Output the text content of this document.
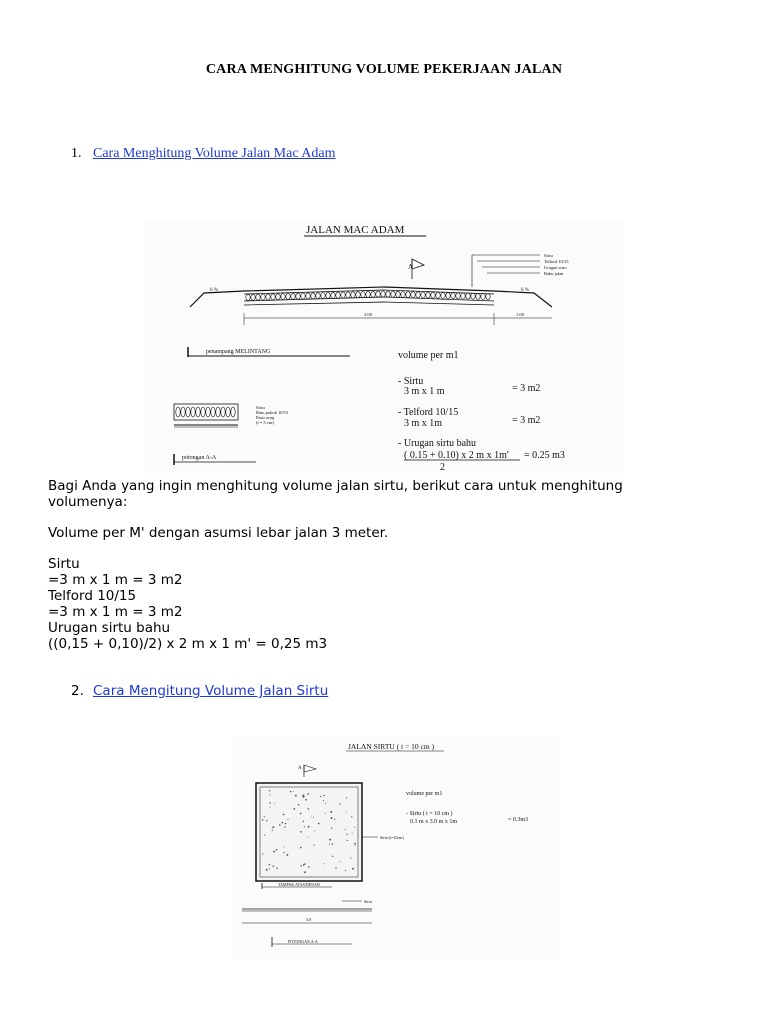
CARA MENGHITUNG VOLUME PEKERJAAN JALAN
1. Cara Menghitung Volume Jalan Mac Adam
JALAN MAC ADAM
A
Sirtu
Telford 10/15
Urugan sirtu
Bahu jalan
6 %	6 %
3.00	1.00
penampang MELINTANG
Sirtu
Batu pokok 10/15
Pasir urug
(t = 5 cm)
potongan A-A
volume per m1
- Sirtu
3 m x 1 m	= 3 m2
- Telford 10/15
3 m x 1m	= 3 m2
- Urugan sirtu bahu
( 0.15 + 0.10) x 2 m x 1m' = 0.25 m3
2
Bagi Anda yang ingin menghitung volume jalan sirtu, berikut cara untuk menghitung volumenya:
Volume per M' dengan asumsi lebar jalan 3 meter.
Sirtu
=3 m x 1 m = 3 m2
Telford 10/15
=3 m x 1 m = 3 m2
Urugan sirtu bahu
((0,15 + 0,10)/2) x 2 m x 1 m' = 0,25 m3
2. Cara Mengitung Volume Jalan Sirtu
JALAN SIRTU ( t = 10 cm )
A
Sirtu (t=10cm)
TAMPAK ATAS/DENAH
volume per m1
- Sirtu ( t = 10 cm )
0.1 m x 3.0 m x 1m	= 0.3m3
Sirtu
3.0
POTONGAN A-A
